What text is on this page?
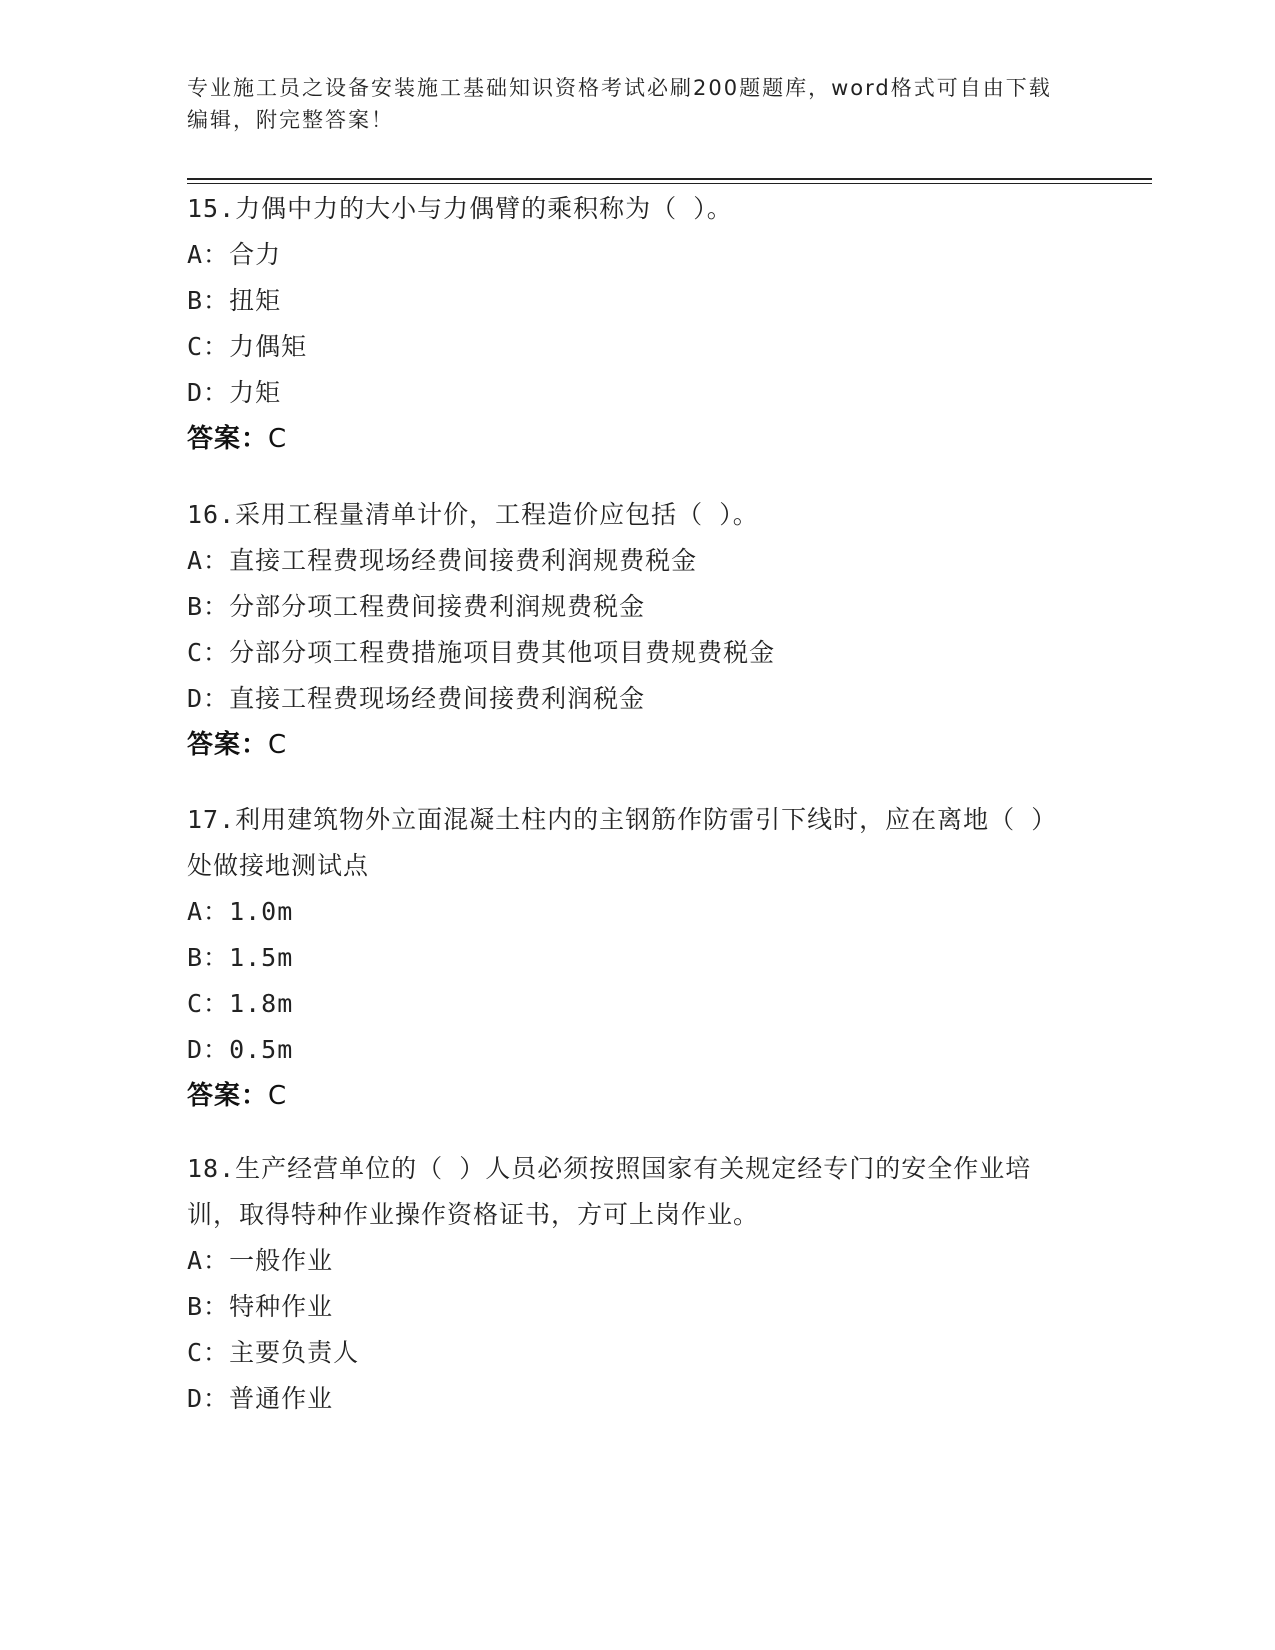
专业施工员之设备安装施工基础知识资格考试必刷200题题库，word格式可自由下载编辑，附完整答案！

15.力偶中力的大小与力偶臂的乘积称为（ ）。

A：合力

B：扭矩

C：力偶矩

D：力矩

答案：C

16.采用工程量清单计价，工程造价应包括（ ）。

A：直接工程费现场经费间接费利润规费税金

B：分部分项工程费间接费利润规费税金

C：分部分项工程费措施项目费其他项目费规费税金

D：直接工程费现场经费间接费利润税金

答案：C

17.利用建筑物外立面混凝土柱内的主钢筋作防雷引下线时，应在离地（ ）处做接地测试点

A：1.0m

B：1.5m

C：1.8m

D：0.5m

答案：C

18.生产经营单位的（ ）人员必须按照国家有关规定经专门的安全作业培训，取得特种作业操作资格证书，方可上岗作业。

A：一般作业

B：特种作业

C：主要负责人

D：普通作业
